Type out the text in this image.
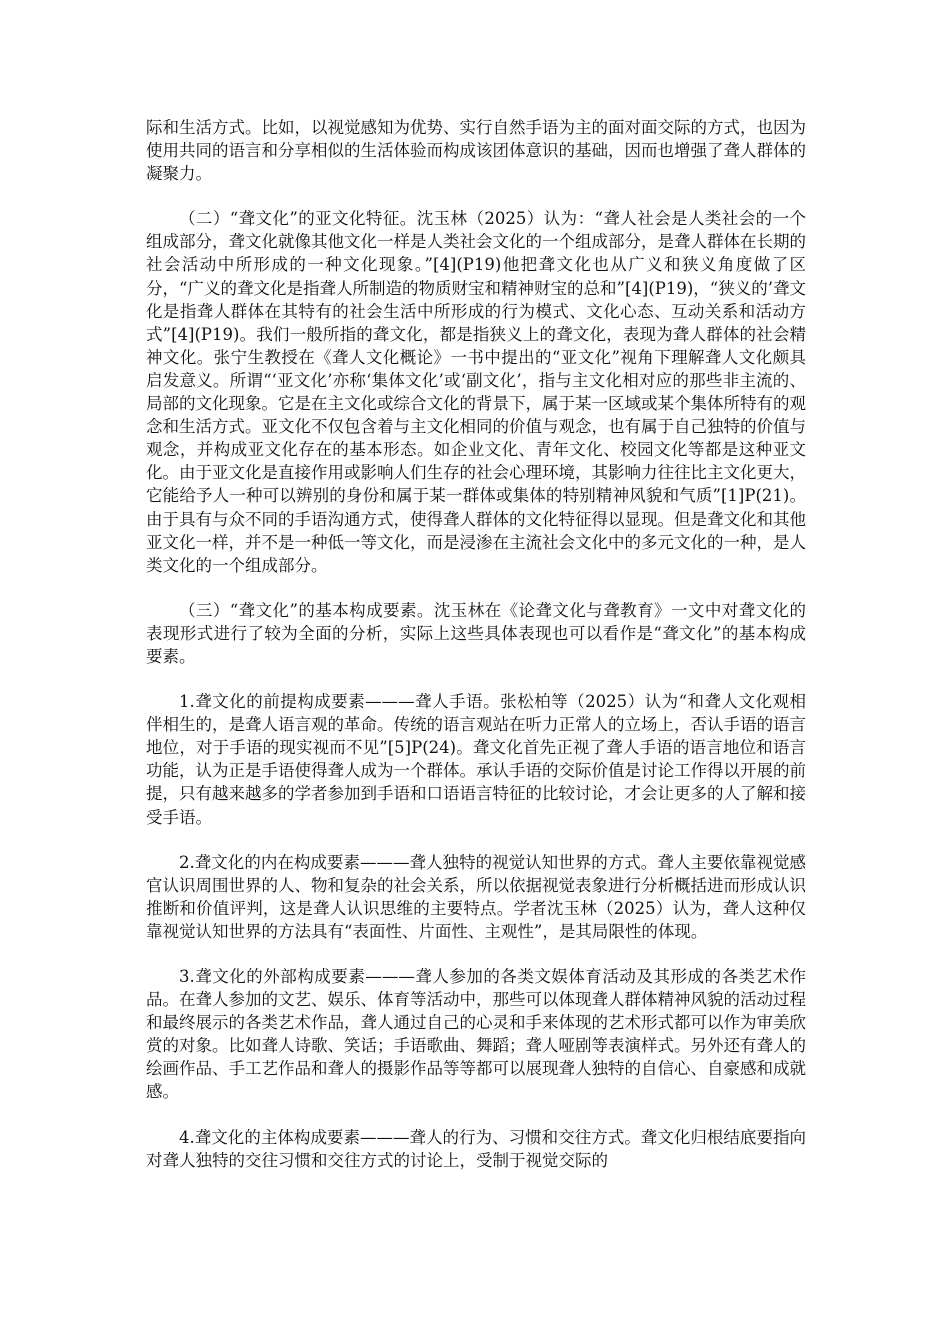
际和生活方式。比如，以视觉感知为优势、实行自然手语为主的面对面交际的方式，也因为使用共同的语言和分享相似的生活体验而构成该团体意识的基础，因而也增强了聋人群体的凝聚力。

（二）“聋文化”的亚文化特征。沈玉林（2025）认为：“聋人社会是人类社会的一个组成部分，聋文化就像其他文化一样是人类社会文化的一个组成部分，是聋人群体在长期的社会活动中所形成的一种文化现象。”[4](P19)他把聋文化也从广义和狭义角度做了区分，“广义的聋文化是指聋人所制造的物质财宝和精神财宝的总和”[4](P19)，“狭义的’聋文化是指聋人群体在其特有的社会生活中所形成的行为模式、文化心态、互动关系和活动方式”[4](P19)。我们一般所指的聋文化，都是指狭义上的聋文化，表现为聋人群体的社会精神文化。张宁生教授在《聋人文化概论》一书中提出的“亚文化”视角下理解聋人文化颇具启发意义。所谓“‘亚文化’亦称‘集体文化’或‘副文化’，指与主文化相对应的那些非主流的、局部的文化现象。它是在主文化或综合文化的背景下，属于某一区域或某个集体所特有的观念和生活方式。亚文化不仅包含着与主文化相同的价值与观念，也有属于自己独特的价值与观念，并构成亚文化存在的基本形态。如企业文化、青年文化、校园文化等都是这种亚文化。由于亚文化是直接作用或影响人们生存的社会心理环境，其影响力往往比主文化更大，它能给予人一种可以辨别的身份和属于某一群体或集体的特别精神风貌和气质”[1]P(21)。由于具有与众不同的手语沟通方式，使得聋人群体的文化特征得以显现。但是聋文化和其他亚文化一样，并不是一种低一等文化，而是浸渗在主流社会文化中的多元文化的一种，是人类文化的一个组成部分。

（三）“聋文化”的基本构成要素。沈玉林在《论聋文化与聋教育》一文中对聋文化的表现形式进行了较为全面的分析，实际上这些具体表现也可以看作是“聋文化”的基本构成要素。

1.聋文化的前提构成要素———聋人手语。张松柏等（2025）认为“和聋人文化观相伴相生的，是聋人语言观的革命。传统的语言观站在听力正常人的立场上，否认手语的语言地位，对于手语的现实视而不见”[5]P(24)。聋文化首先正视了聋人手语的语言地位和语言功能，认为正是手语使得聋人成为一个群体。承认手语的交际价值是讨论工作得以开展的前提，只有越来越多的学者参加到手语和口语语言特征的比较讨论，才会让更多的人了解和接受手语。

2.聋文化的内在构成要素———聋人独特的视觉认知世界的方式。聋人主要依靠视觉感官认识周围世界的人、物和复杂的社会关系，所以依据视觉表象进行分析概括进而形成认识推断和价值评判，这是聋人认识思维的主要特点。学者沈玉林（2025）认为，聋人这种仅靠视觉认知世界的方法具有“表面性、片面性、主观性”，是其局限性的体现。

3.聋文化的外部构成要素———聋人参加的各类文娱体育活动及其形成的各类艺术作品。在聋人参加的文艺、娱乐、体育等活动中，那些可以体现聋人群体精神风貌的活动过程和最终展示的各类艺术作品，聋人通过自己的心灵和手来体现的艺术形式都可以作为审美欣赏的对象。比如聋人诗歌、笑话；手语歌曲、舞蹈；聋人哑剧等表演样式。另外还有聋人的绘画作品、手工艺作品和聋人的摄影作品等等都可以展现聋人独特的自信心、自豪感和成就感。

4.聋文化的主体构成要素———聋人的行为、习惯和交往方式。聋文化归根结底要指向对聋人独特的交往习惯和交往方式的讨论上，受制于视觉交际的
